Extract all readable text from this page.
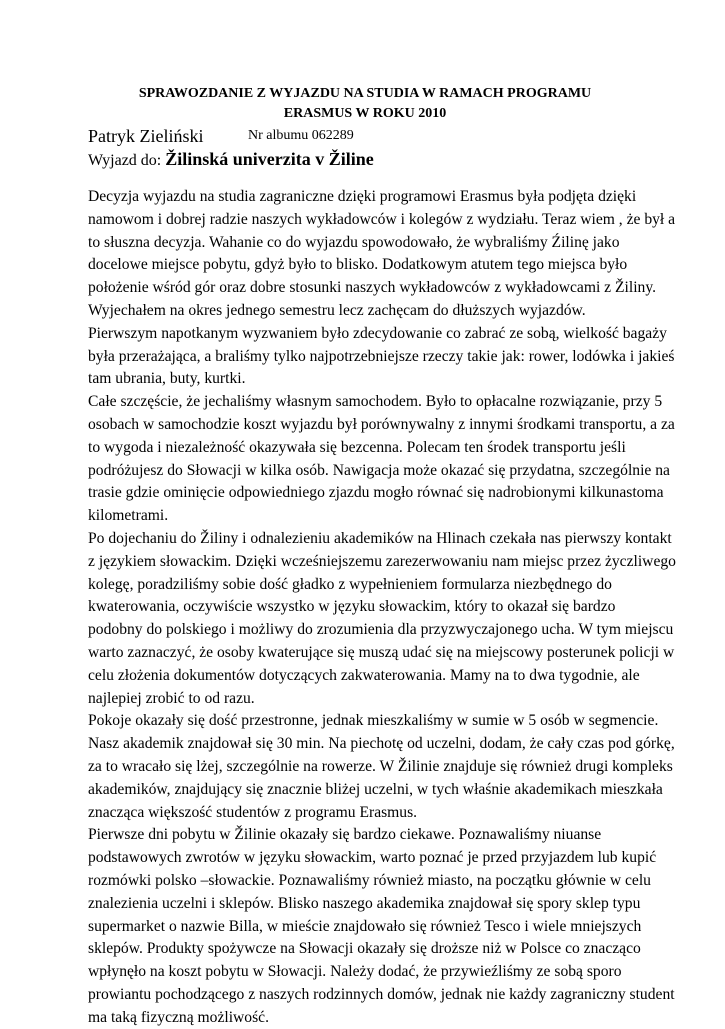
SPRAWOZDANIE Z WYJAZDU NA STUDIA W RAMACH PROGRAMU
ERASMUS W ROKU 2010
Patryk Zieliński	Nr albumu 062289
Wyjazd do: Žilinská univerzita v Žiline
Decyzja wyjazdu na studia zagraniczne dzięki programowi Erasmus była podjęta dzięki
namowom i dobrej radzie naszych wykładowców i kolegów z wydziału. Teraz wiem , że był a
to słuszna decyzja. Wahanie co do wyjazdu spowodowało, że wybraliśmy Źilinę jako
docelowe miejsce pobytu, gdyż było to blisko. Dodatkowym atutem tego miejsca było
położenie wśród gór oraz dobre stosunki naszych wykładowców z wykładowcami z Žiliny.
Wyjechałem na okres jednego semestru lecz zachęcam do dłuższych wyjazdów.
Pierwszym napotkanym wyzwaniem było zdecydowanie co zabrać ze sobą, wielkość bagaży
była przerażająca, a braliśmy tylko najpotrzebniejsze rzeczy takie jak: rower, lodówka i jakieś
tam ubrania, buty, kurtki.
Całe szczęście, że jechaliśmy własnym samochodem. Było to opłacalne rozwiązanie, przy 5
osobach w samochodzie koszt wyjazdu był porównywalny z innymi środkami transportu, a za
to wygoda i niezależność okazywała się bezcenna. Polecam ten środek transportu jeśli
podróżujesz do Słowacji w kilka osób. Nawigacja może okazać się przydatna, szczególnie na
trasie gdzie ominięcie odpowiedniego zjazdu mogło równać się nadrobionymi kilkunastoma
kilometrami.
Po dojechaniu do Žiliny i odnalezieniu akademików na Hlinach czekała nas pierwszy kontakt
z językiem słowackim. Dzięki wcześniejszemu zarezerwowaniu nam miejsc przez życzliwego
kolegę, poradziliśmy sobie dość gładko z wypełnieniem formularza niezbędnego do
kwaterowania, oczywiście wszystko w języku słowackim, który to okazał się bardzo
podobny do polskiego i możliwy do zrozumienia dla przyzwyczajonego ucha. W tym miejscu
warto zaznaczyć, że osoby kwaterujące się muszą udać się na miejscowy posterunek policji w
celu złożenia dokumentów dotyczących zakwaterowania. Mamy na to dwa tygodnie, ale
najlepiej zrobić to od razu.
Pokoje okazały się dość przestronne, jednak mieszkaliśmy w sumie w 5 osób w segmencie.
Nasz akademik znajdował się 30 min. Na piechotę od uczelni, dodam, że cały czas pod górkę,
za to wracało się lżej, szczególnie na rowerze. W Žilinie znajduje się również drugi kompleks
akademików, znajdujący się znacznie bliżej uczelni, w tych właśnie akademikach mieszkała
znacząca większość studentów z programu Erasmus.
Pierwsze dni pobytu w Žilinie okazały się bardzo ciekawe. Poznawaliśmy niuanse
podstawowych zwrotów w języku słowackim, warto poznać je przed przyjazdem lub kupić
rozmówki polsko –słowackie. Poznawaliśmy również miasto, na początku głównie w celu
znalezienia uczelni i sklepów. Blisko naszego akademika znajdował się spory sklep typu
supermarket o nazwie Billa, w mieście znajdowało się również Tesco i wiele mniejszych
sklepów. Produkty spożywcze na Słowacji okazały się droższe niż w Polsce co znacząco
wpłynęło na koszt pobytu w Słowacji. Należy dodać, że przywieźliśmy ze sobą sporo
prowiantu pochodzącego z naszych rodzinnych domów, jednak nie każdy zagraniczny student
ma taką fizyczną możliwość.
